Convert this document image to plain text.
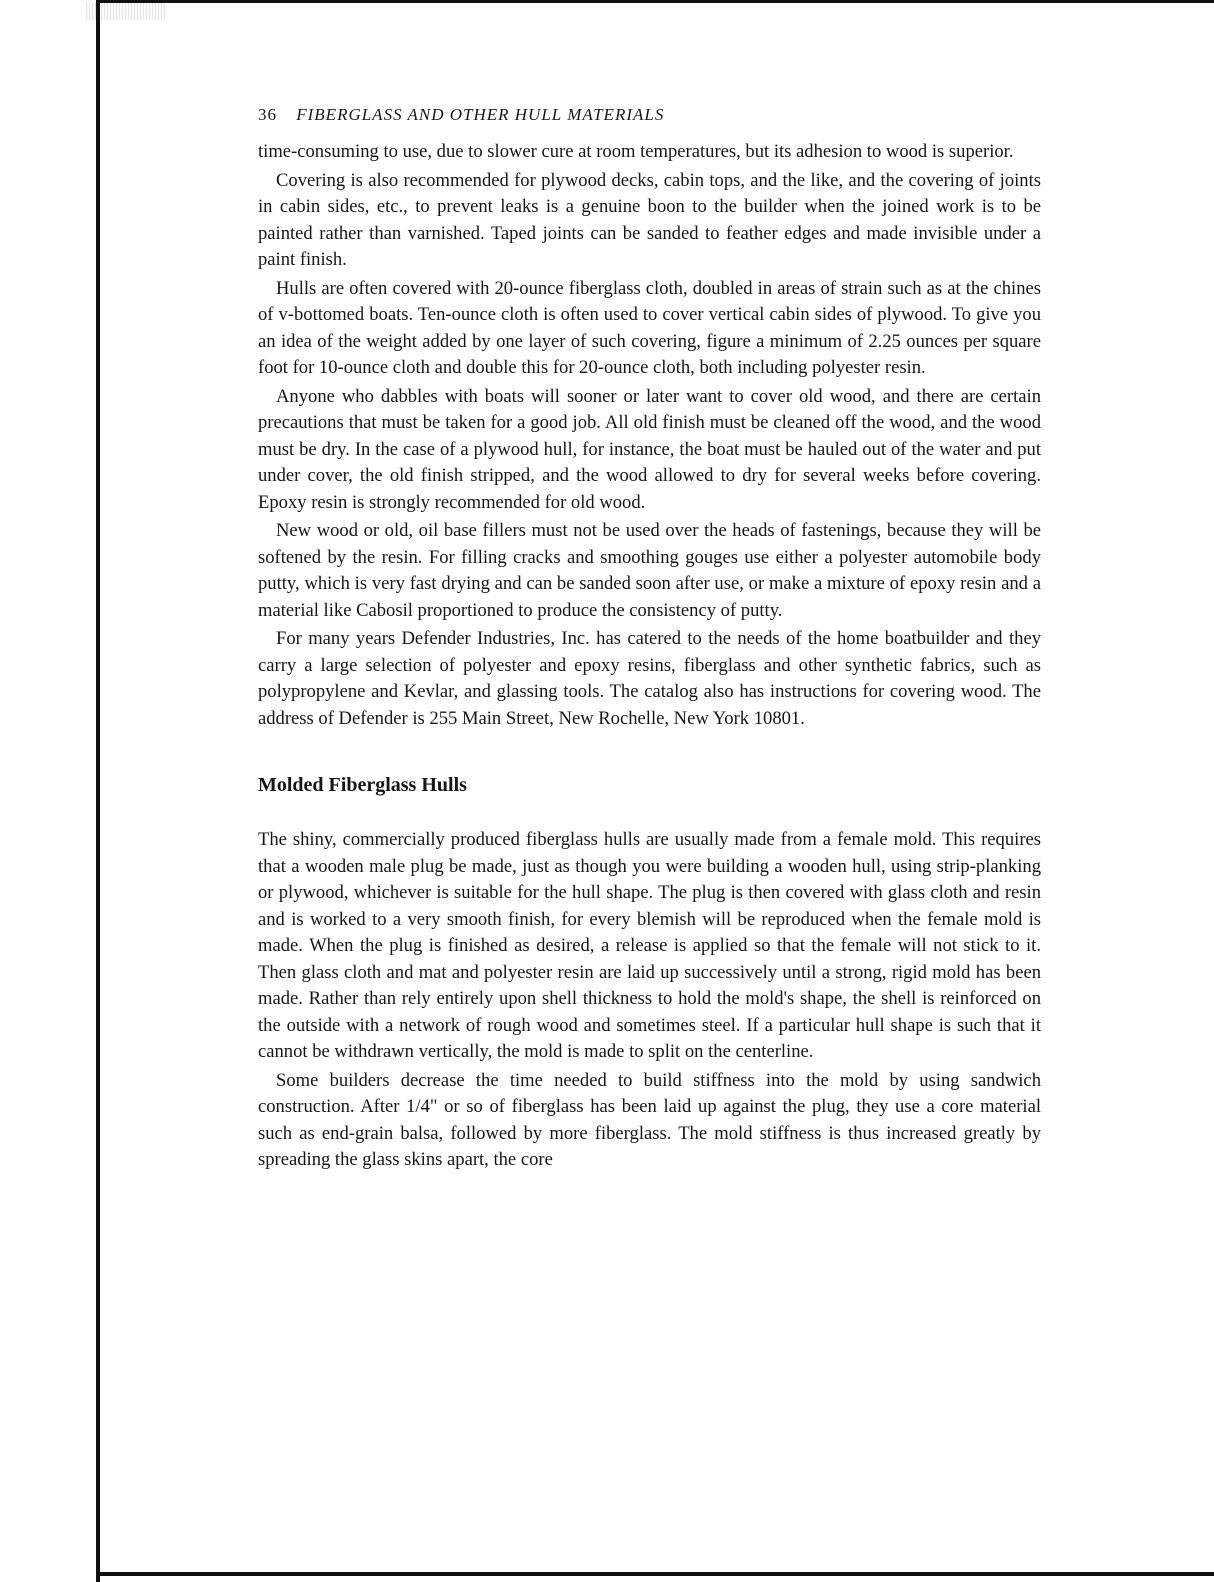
36 FIBERGLASS AND OTHER HULL MATERIALS

time-consuming to use, due to slower cure at room temperatures, but its adhesion to wood is superior.

Covering is also recommended for plywood decks, cabin tops, and the like, and the covering of joints in cabin sides, etc., to prevent leaks is a genuine boon to the builder when the joined work is to be painted rather than varnished. Taped joints can be sanded to feather edges and made invisible under a paint finish.

Hulls are often covered with 20-ounce fiberglass cloth, doubled in areas of strain such as at the chines of v-bottomed boats. Ten-ounce cloth is often used to cover vertical cabin sides of plywood. To give you an idea of the weight added by one layer of such covering, figure a minimum of 2.25 ounces per square foot for 10-ounce cloth and double this for 20-ounce cloth, both including polyester resin.

Anyone who dabbles with boats will sooner or later want to cover old wood, and there are certain precautions that must be taken for a good job. All old finish must be cleaned off the wood, and the wood must be dry. In the case of a plywood hull, for instance, the boat must be hauled out of the water and put under cover, the old finish stripped, and the wood allowed to dry for several weeks before covering. Epoxy resin is strongly recommended for old wood.

New wood or old, oil base fillers must not be used over the heads of fastenings, because they will be softened by the resin. For filling cracks and smoothing gouges use either a polyester automobile body putty, which is very fast drying and can be sanded soon after use, or make a mixture of epoxy resin and a material like Cabosil proportioned to produce the consistency of putty.

For many years Defender Industries, Inc. has catered to the needs of the home boatbuilder and they carry a large selection of polyester and epoxy resins, fiberglass and other synthetic fabrics, such as polypropylene and Kevlar, and glassing tools. The catalog also has instructions for covering wood. The address of Defender is 255 Main Street, New Rochelle, New York 10801.

Molded Fiberglass Hulls

The shiny, commercially produced fiberglass hulls are usually made from a female mold. This requires that a wooden male plug be made, just as though you were building a wooden hull, using strip-planking or plywood, whichever is suitable for the hull shape. The plug is then covered with glass cloth and resin and is worked to a very smooth finish, for every blemish will be reproduced when the female mold is made. When the plug is finished as desired, a release is applied so that the female will not stick to it. Then glass cloth and mat and polyester resin are laid up successively until a strong, rigid mold has been made. Rather than rely entirely upon shell thickness to hold the mold's shape, the shell is reinforced on the outside with a network of rough wood and sometimes steel. If a particular hull shape is such that it cannot be withdrawn vertically, the mold is made to split on the centerline.

Some builders decrease the time needed to build stiffness into the mold by using sandwich construction. After 1/4" or so of fiberglass has been laid up against the plug, they use a core material such as end-grain balsa, followed by more fiberglass. The mold stiffness is thus increased greatly by spreading the glass skins apart, the core
